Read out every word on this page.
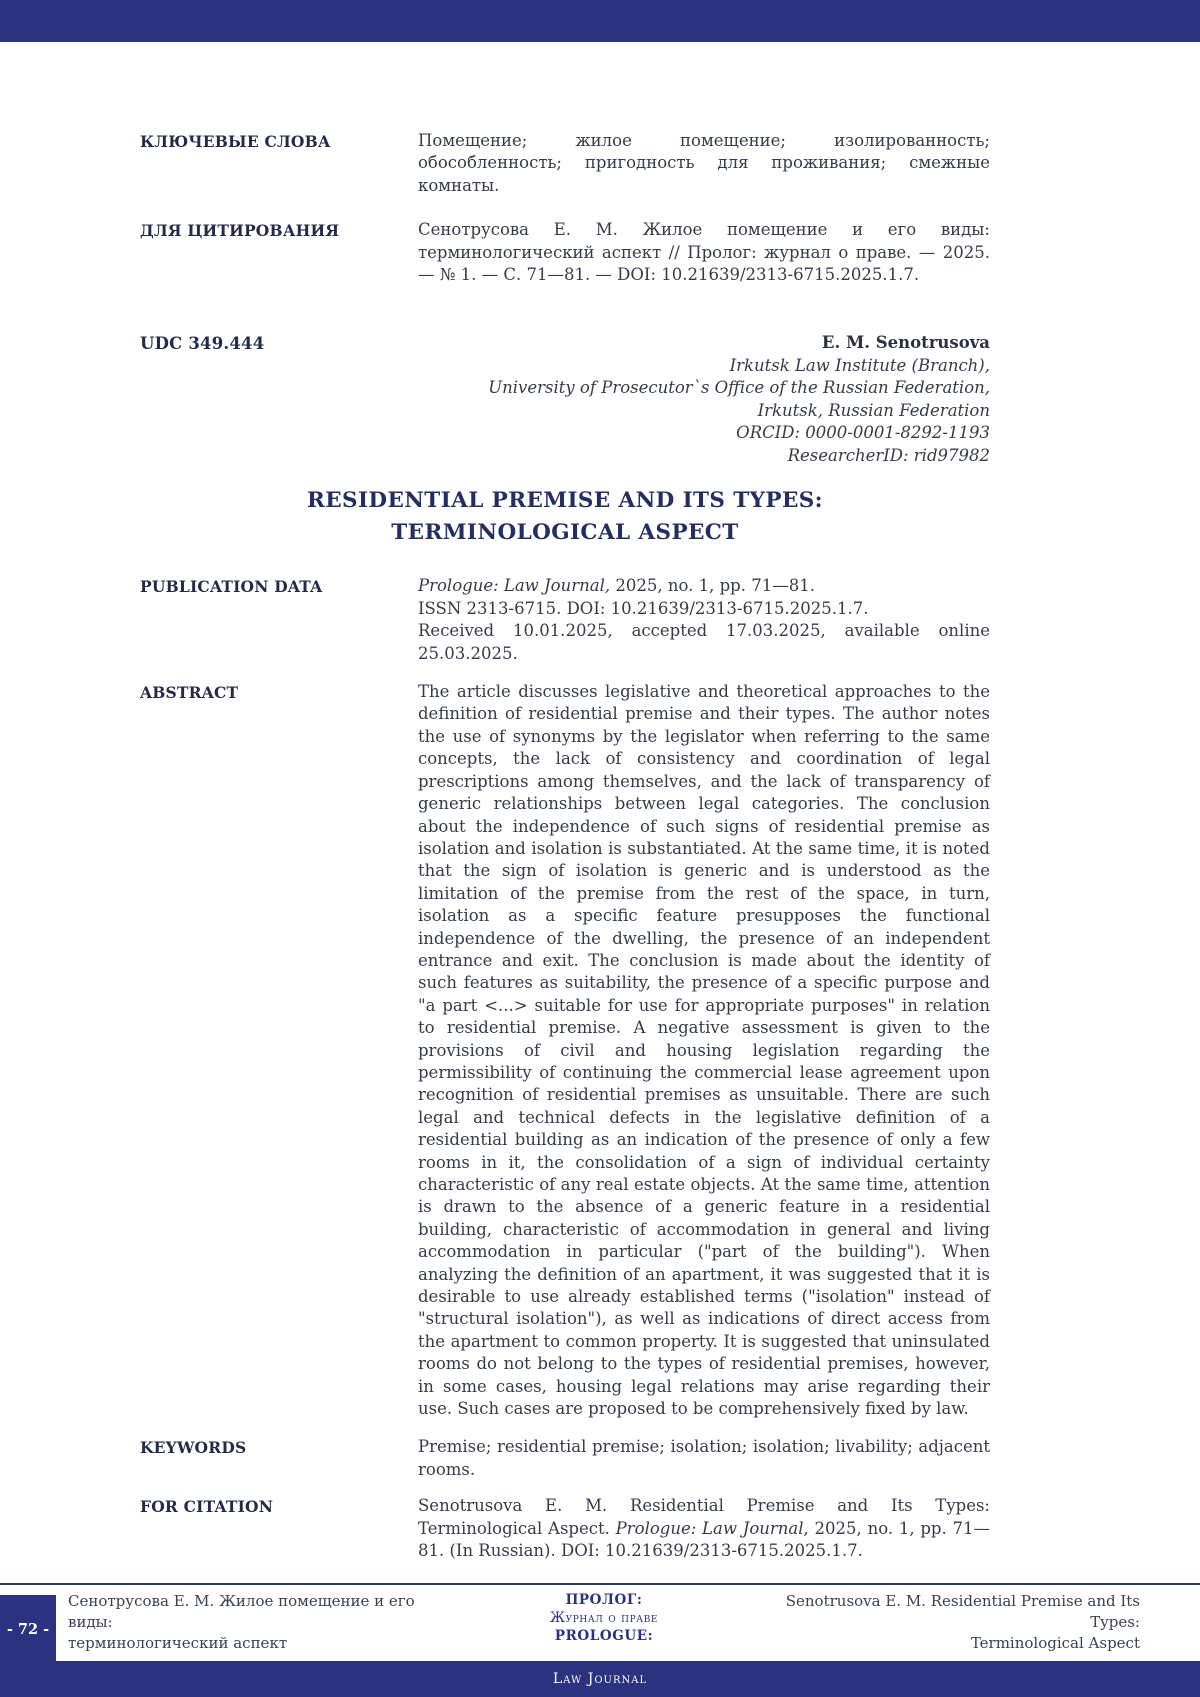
КЛЮЧЕВЫЕ СЛОВА	Помещение; жилое помещение; изолированность; обособленность; пригодность для проживания; смежные комнаты.
ДЛЯ ЦИТИРОВАНИЯ	Сенотрусова Е. М. Жилое помещение и его виды: терминологический аспект // Пролог: журнал о праве. — 2025. — № 1. — С. 71—81. — DOI: 10.21639/2313-6715.2025.1.7.
UDC 349.444	E. M. Senotrusova
Irkutsk Law Institute (Branch),
University of Prosecutor`s Office of the Russian Federation,
Irkutsk, Russian Federation
ORCID: 0000-0001-8292-1193
ResearcherID: rid97982
RESIDENTIAL PREMISE AND ITS TYPES:
TERMINOLOGICAL ASPECT
PUBLICATION DATA	Prologue: Law Journal, 2025, no. 1, pp. 71—81.
ISSN 2313-6715. DOI: 10.21639/2313-6715.2025.1.7.
Received 10.01.2025, accepted 17.03.2025, available online 25.03.2025.
ABSTRACT	The article discusses legislative and theoretical approaches to the definition of residential premise and their types. The author notes the use of synonyms by the legislator when referring to the same concepts, the lack of consistency and coordination of legal prescriptions among themselves, and the lack of transparency of generic relationships between legal categories. The conclusion about the independence of such signs of residential premise as isolation and isolation is substantiated. At the same time, it is noted that the sign of isolation is generic and is understood as the limitation of the premise from the rest of the space, in turn, isolation as a specific feature presupposes the functional independence of the dwelling, the presence of an independent entrance and exit. The conclusion is made about the identity of such features as suitability, the presence of a specific purpose and "a part <...> suitable for use for appropriate purposes" in relation to residential premise. A negative assessment is given to the provisions of civil and housing legislation regarding the permissibility of continuing the commercial lease agreement upon recognition of residential premises as unsuitable. There are such legal and technical defects in the legislative definition of a residential building as an indication of the presence of only a few rooms in it, the consolidation of a sign of individual certainty characteristic of any real estate objects. At the same time, attention is drawn to the absence of a generic feature in a residential building, characteristic of accommodation in general and living accommodation in particular ("part of the building"). When analyzing the definition of an apartment, it was suggested that it is desirable to use already established terms ("isolation" instead of "structural isolation"), as well as indications of direct access from the apartment to common property. It is suggested that uninsulated rooms do not belong to the types of residential premises, however, in some cases, housing legal relations may arise regarding their use. Such cases are proposed to be comprehensively fixed by law.
KEYWORDS	Premise; residential premise; isolation; isolation; livability; adjacent rooms.
FOR CITATION	Senotrusova E. M. Residential Premise and Its Types: Terminological Aspect. Prologue: Law Journal, 2025, no. 1, pp. 71—81. (In Russian). DOI: 10.21639/2313-6715.2025.1.7.
Сенотрусова Е. М. Жилое помещение и его виды:
терминологический аспект
ПРОЛОГ:
Журнал о праве
PROLOGUE:
Senotrusova E. M. Residential Premise and Its Types:
Terminological Aspect
Law Journal
- 72 -
